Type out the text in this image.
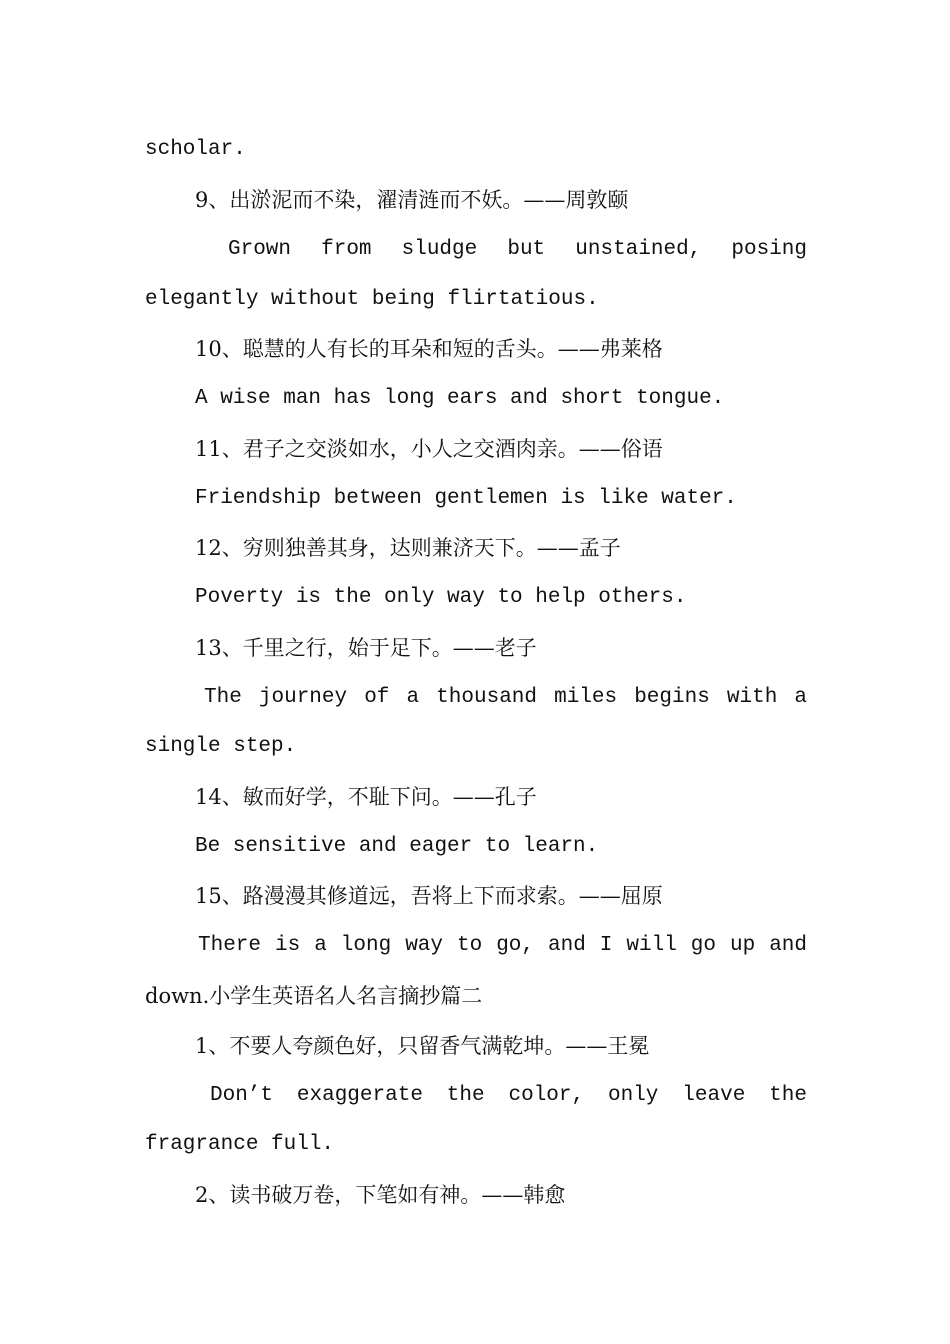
scholar.
9、出淤泥而不染，濯清涟而不妖。——周敦颐
Grown from sludge but unstained, posing
elegantly without being flirtatious.
10、聪慧的人有长的耳朵和短的舌头。——弗莱格
A wise man has long ears and short tongue.
11、君子之交淡如水，小人之交酒肉亲。——俗语
Friendship between gentlemen is like water.
12、穷则独善其身，达则兼济天下。——孟子
Poverty is the only way to help others.
13、千里之行，始于足下。——老子
The journey of a thousand miles begins with a
single step.
14、敏而好学，不耻下问。——孔子
Be sensitive and eager to learn.
15、路漫漫其修道远，吾将上下而求索。——屈原
There is a long way to go, and I will go up and
down.小学生英语名人名言摘抄篇二
1、不要人夸颜色好，只留香气满乾坤。——王冕
Don’t exaggerate the color, only leave the
fragrance full.
2、读书破万卷，下笔如有神。——韩愈
